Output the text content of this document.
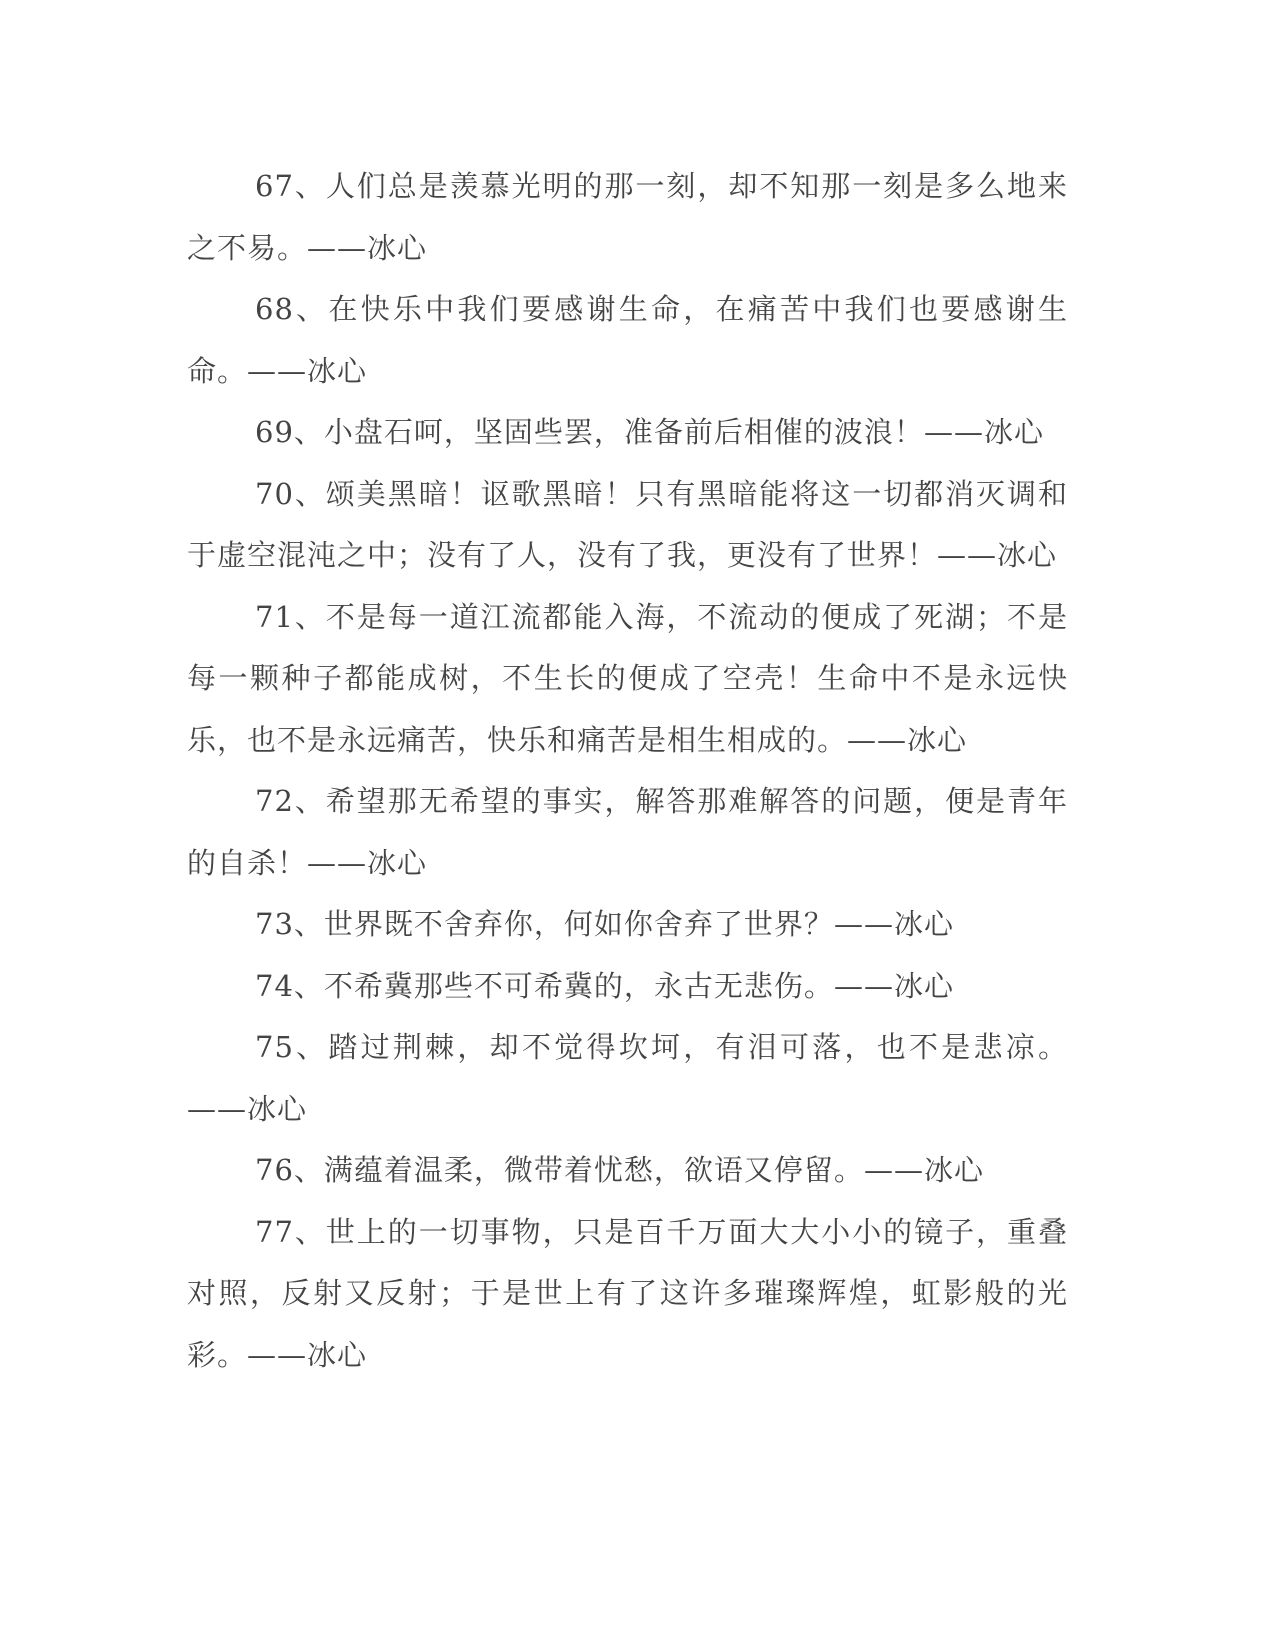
67、人们总是羡慕光明的那一刻，却不知那一刻是多么地来之不易。——冰心

68、在快乐中我们要感谢生命，在痛苦中我们也要感谢生命。——冰心

69、小盘石呵，坚固些罢，准备前后相催的波浪！——冰心

70、颂美黑暗！讴歌黑暗！只有黑暗能将这一切都消灭调和于虚空混沌之中；没有了人，没有了我，更没有了世界！——冰心

71、不是每一道江流都能入海，不流动的便成了死湖；不是每一颗种子都能成树，不生长的便成了空壳！生命中不是永远快乐，也不是永远痛苦，快乐和痛苦是相生相成的。——冰心

72、希望那无希望的事实，解答那难解答的问题，便是青年的自杀！——冰心

73、世界既不舍弃你，何如你舍弃了世界？——冰心

74、不希冀那些不可希冀的，永古无悲伤。——冰心

75、踏过荆棘，却不觉得坎坷，有泪可落，也不是悲凉。——冰心

76、满蕴着温柔，微带着忧愁，欲语又停留。——冰心

77、世上的一切事物，只是百千万面大大小小的镜子，重叠对照，反射又反射；于是世上有了这许多璀璨辉煌，虹影般的光彩。——冰心
